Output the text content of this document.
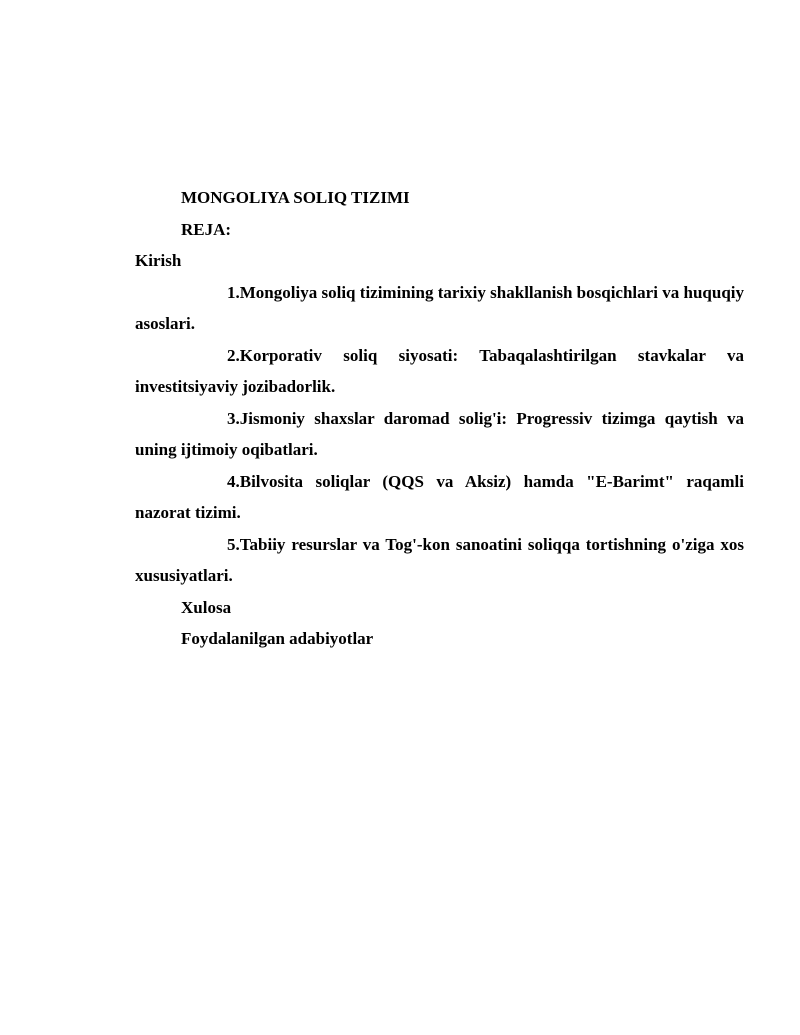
MONGOLIYA SOLIQ TIZIMI

REJA:

Kirish

1.Mongoliya soliq tizimining tarixiy shakllanish bosqichlari va huquqiy asoslari.

2.Korporativ soliq siyosati: Tabaqalashtirilgan stavkalar va investitsiyaviy jozibadorlik.

3.Jismoniy shaxslar daromad solig'i: Progressiv tizimga qaytish va uning ijtimoiy oqibatlari.

4.Bilvosita soliqlar (QQS va Aksiz) hamda "E-Barimt" raqamli nazorat tizimi.

5.Tabiiy resurslar va Tog'-kon sanoatini soliqqa tortishning o'ziga xos xususiyatlari.

Xulosa

Foydalanilgan adabiyotlar
